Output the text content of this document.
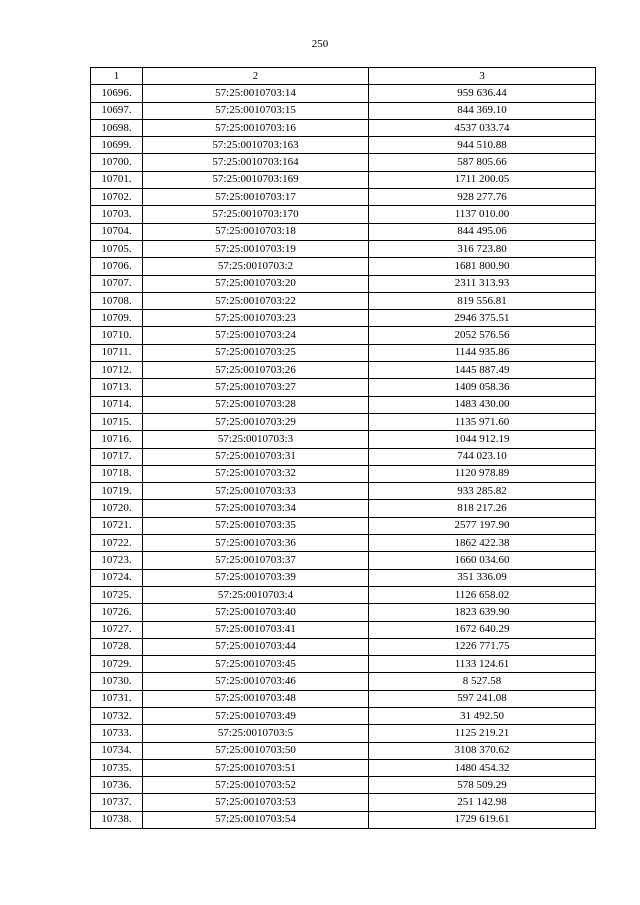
250
1	2	3
10696.	57:25:0010703:14	959 636.44
10697.	57:25:0010703:15	844 369.10
10698.	57:25:0010703:16	4537 033.74
10699.	57:25:0010703:163	944 510.88
10700.	57:25:0010703:164	587 805.66
10701.	57:25:0010703:169	1711 200.05
10702.	57:25:0010703:17	928 277.76
10703.	57:25:0010703:170	1137 010.00
10704.	57:25:0010703:18	844 495.06
10705.	57:25:0010703:19	316 723.80
10706.	57:25:0010703:2	1681 800.90
10707.	57:25:0010703:20	2311 313.93
10708.	57:25:0010703:22	819 556.81
10709.	57:25:0010703:23	2946 375.51
10710.	57:25:0010703:24	2052 576.56
10711.	57:25:0010703:25	1144 935.86
10712.	57:25:0010703:26	1445 887.49
10713.	57:25:0010703:27	1409 058.36
10714.	57:25:0010703:28	1483 430.00
10715.	57:25:0010703:29	1135 971.60
10716.	57:25:0010703:3	1044 912.19
10717.	57:25:0010703:31	744 023.10
10718.	57:25:0010703:32	1120 978.89
10719.	57:25:0010703:33	933 285.82
10720.	57:25:0010703:34	818 217.26
10721.	57:25:0010703:35	2577 197.90
10722.	57:25:0010703:36	1862 422.38
10723.	57:25:0010703:37	1660 034.60
10724.	57:25:0010703:39	351 336.09
10725.	57:25:0010703:4	1126 658.02
10726.	57:25:0010703:40	1823 639.90
10727.	57:25:0010703:41	1672 640.29
10728.	57:25:0010703:44	1226 771.75
10729.	57:25:0010703:45	1133 124.61
10730.	57:25:0010703:46	8 527.58
10731.	57:25:0010703:48	597 241.08
10732.	57:25:0010703:49	31 492.50
10733.	57:25:0010703:5	1125 219.21
10734.	57:25:0010703:50	3108 370.62
10735.	57:25:0010703:51	1480 454.32
10736.	57:25:0010703:52	578 509.29
10737.	57:25:0010703:53	251 142.98
10738.	57:25:0010703:54	1729 619.61
